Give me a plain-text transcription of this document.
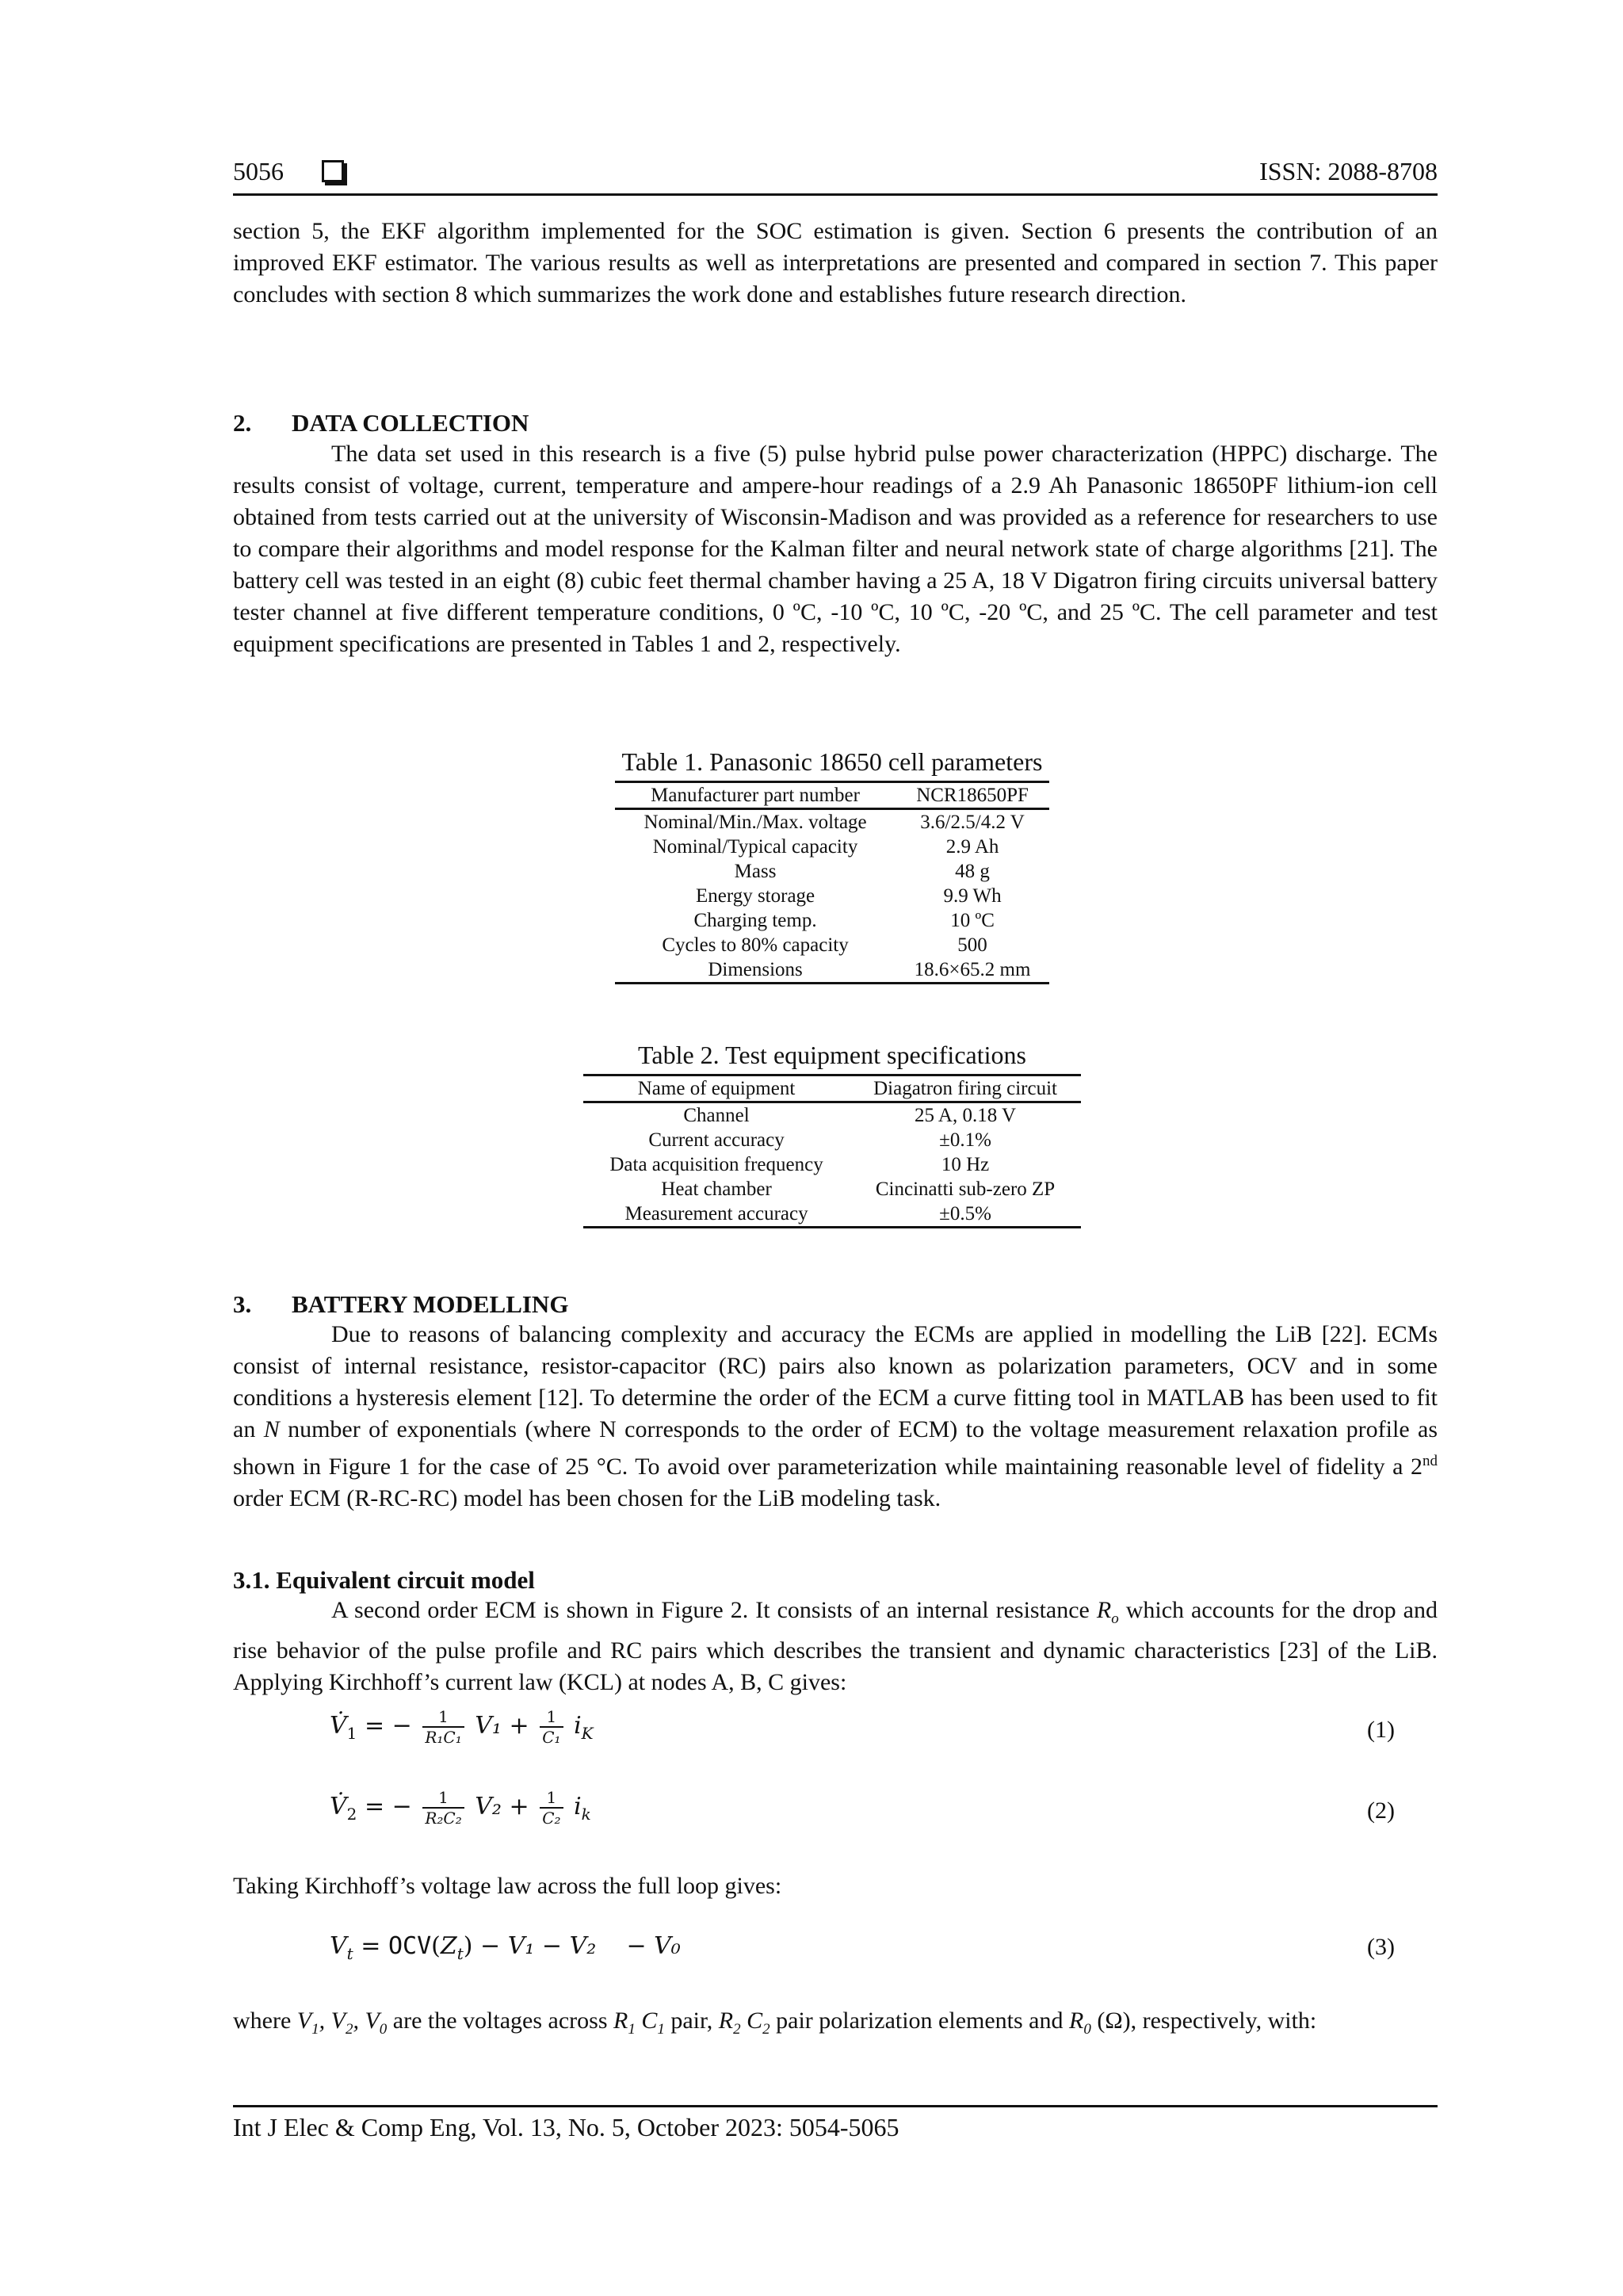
5056	ISSN: 2088-8708

section 5, the EKF algorithm implemented for the SOC estimation is given. Section 6 presents the contribution of an improved EKF estimator. The various results as well as interpretations are presented and compared in section 7. This paper concludes with section 8 which summarizes the work done and establishes future research direction.

2. DATA COLLECTION

The data set used in this research is a five (5) pulse hybrid pulse power characterization (HPPC) discharge. The results consist of voltage, current, temperature and ampere-hour readings of a 2.9 Ah Panasonic 18650PF lithium-ion cell obtained from tests carried out at the university of Wisconsin-Madison and was provided as a reference for researchers to use to compare their algorithms and model response for the Kalman filter and neural network state of charge algorithms [21]. The battery cell was tested in an eight (8) cubic feet thermal chamber having a 25 A, 18 V Digatron firing circuits universal battery tester channel at five different temperature conditions, 0 ºC, -10 ºC, 10 ºC, -20 ºC, and 25 ºC. The cell parameter and test equipment specifications are presented in Tables 1 and 2, respectively.

Table 1. Panasonic 18650 cell parameters
Manufacturer part number	NCR18650PF
Nominal/Min./Max. voltage	3.6/2.5/4.2 V
Nominal/Typical capacity	2.9 Ah
Mass	48 g
Energy storage	9.9 Wh
Charging temp.	10 ºC
Cycles to 80% capacity	500
Dimensions	18.6×65.2 mm
Table 2. Test equipment specifications
Name of equipment	Diagatron firing circuit
Channel	25 A, 0.18 V
Current accuracy	±0.1%
Data acquisition frequency	10 Hz
Heat chamber	Cincinatti sub-zero ZP
Measurement accuracy	±0.5%
3. BATTERY MODELLING

Due to reasons of balancing complexity and accuracy the ECMs are applied in modelling the LiB [22]. ECMs consist of internal resistance, resistor-capacitor (RC) pairs also known as polarization parameters, OCV and in some conditions a hysteresis element [12]. To determine the order of the ECM a curve fitting tool in MATLAB has been used to fit an N number of exponentials (where N corresponds to the order of ECM) to the voltage measurement relaxation profile as shown in Figure 1 for the case of 25 °C. To avoid over parameterization while maintaining reasonable level of fidelity a 2nd order ECM (R-RC-RC) model has been chosen for the LiB modeling task.

3.1. Equivalent circuit model

A second order ECM is shown in Figure 2. It consists of an internal resistance $R_o$ which accounts for the drop and rise behavior of the pulse profile and RC pairs which describes the transient and dynamic characteristics [23] of the LiB. Applying Kirchhoff’s current law (KCL) at nodes A, B, C gives:

$V̇_1$ = − $\frac{1}{\text{R₁C₁}} V_1 + \frac{1}{\text{C₁}} i_K$	(1)
$V̇_2$ = − $\frac{1}{\text{R₂C₂}} V_2 + \frac{1}{\text{C₂}} i_k$	(2)

Taking Kirchhoff’s voltage law across the full loop gives:

$V_t = OCV(Z_t) - V_1 - V_2$    − V₀	(3)

where $V_1$, $V_2$, $V_0$ are the voltages across $R_1$ $C_1$ pair, $R_2$ $C_2$ pair polarization elements and $R_0$ (Ω), respectively, with:

Int J Elec & Comp Eng, Vol. 13, No. 5, October 2023: 5054-5065
